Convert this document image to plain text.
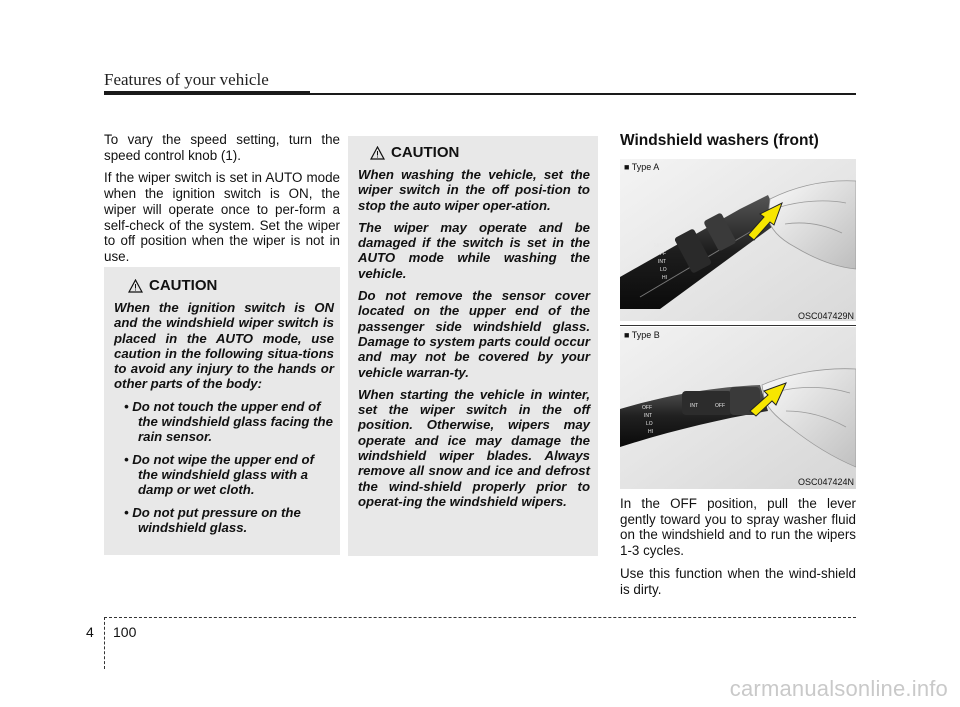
Features of your vehicle

To vary the speed setting, turn the speed control knob (1).

If the wiper switch is set in AUTO mode when the ignition switch is ON, the wiper will operate once to per-form a self-check of the system. Set the wiper to off position when the wiper is not in use.

CAUTION

When the ignition switch is ON and the windshield wiper switch is placed in the AUTO mode, use caution in the following situa-tions to avoid any injury to the hands or other parts of the body:

• Do not touch the upper end of the windshield glass facing the rain sensor.
• Do not wipe the upper end of the windshield glass with a damp or wet cloth.
• Do not put pressure on the windshield glass.
CAUTION

When washing the vehicle, set the wiper switch in the off posi-tion to stop the auto wiper oper-ation.

The wiper may operate and be damaged if the switch is set in the AUTO mode while washing the vehicle.

Do not remove the sensor cover located on the upper end of the passenger side windshield glass. Damage to system parts could occur and may not be covered by your vehicle warran-ty.

When starting the vehicle in winter, set the wiper switch in the off position. Otherwise, wipers may operate and ice may damage the windshield wiper blades. Always remove all snow and ice and defrost the wind-shield properly prior to operat-ing the windshield wipers.

Windshield washers (front)
MIST
OFF
INT
LO
HI
■ Type A
OSC047429N
MIST
OFF
INT
LO
HI
INT	OFF
■ Type B
OSC047424N

In the OFF position, pull the lever gently toward you to spray washer fluid on the windshield and to run the wipers 1-3 cycles.

Use this function when the wind-shield is dirty.

4 100
carmanualsonline.info
